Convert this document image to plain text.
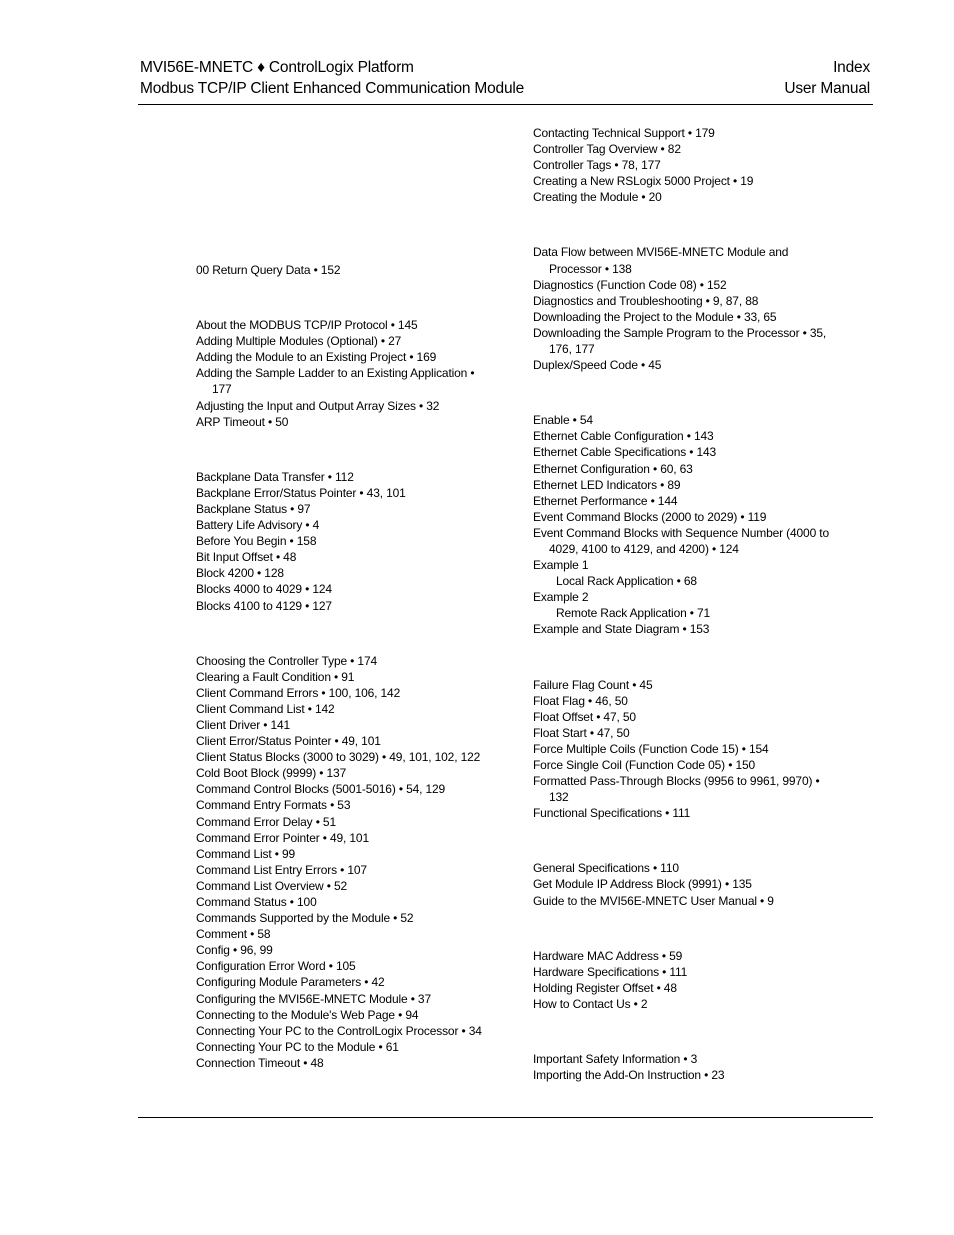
MVI56E-MNETC ♦ ControlLogix Platform
Modbus TCP/IP Client Enhanced Communication Module
Index
User Manual
00 Return Query Data • 152
About the MODBUS TCP/IP Protocol • 145
Adding Multiple Modules (Optional) • 27
Adding the Module to an Existing Project • 169
Adding the Sample Ladder to an Existing Application • 177
Adjusting the Input and Output Array Sizes • 32
ARP Timeout • 50
Backplane Data Transfer • 112
Backplane Error/Status Pointer • 43, 101
Backplane Status • 97
Battery Life Advisory • 4
Before You Begin • 158
Bit Input Offset • 48
Block 4200 • 128
Blocks 4000 to 4029 • 124
Blocks 4100 to 4129 • 127
Choosing the Controller Type • 174
Clearing a Fault Condition • 91
Client Command Errors • 100, 106, 142
Client Command List • 142
Client Driver • 141
Client Error/Status Pointer • 49, 101
Client Status Blocks (3000 to 3029) • 49, 101, 102, 122
Cold Boot Block (9999) • 137
Command Control Blocks (5001-5016) • 54, 129
Command Entry Formats • 53
Command Error Delay • 51
Command Error Pointer • 49, 101
Command List • 99
Command List Entry Errors • 107
Command List Overview • 52
Command Status • 100
Commands Supported by the Module • 52
Comment • 58
Config • 96, 99
Configuration Error Word • 105
Configuring Module Parameters • 42
Configuring the MVI56E-MNETC Module • 37
Connecting to the Module's Web Page • 94
Connecting Your PC to the ControlLogix Processor • 34
Connecting Your PC to the Module • 61
Connection Timeout • 48
Contacting Technical Support • 179
Controller Tag Overview • 82
Controller Tags • 78, 177
Creating a New RSLogix 5000 Project • 19
Creating the Module • 20
Data Flow between MVI56E-MNETC Module and Processor • 138
Diagnostics (Function Code 08) • 152
Diagnostics and Troubleshooting • 9, 87, 88
Downloading the Project to the Module • 33, 65
Downloading the Sample Program to the Processor • 35, 176, 177
Duplex/Speed Code • 45
Enable • 54
Ethernet Cable Configuration • 143
Ethernet Cable Specifications • 143
Ethernet Configuration • 60, 63
Ethernet LED Indicators • 89
Ethernet Performance • 144
Event Command Blocks (2000 to 2029) • 119
Event Command Blocks with Sequence Number (4000 to 4029, 4100 to 4129, and 4200) • 124
Example 1
Local Rack Application • 68
Example 2
Remote Rack Application • 71
Example and State Diagram • 153
Failure Flag Count • 45
Float Flag • 46, 50
Float Offset • 47, 50
Float Start • 47, 50
Force Multiple Coils (Function Code 15) • 154
Force Single Coil (Function Code 05) • 150
Formatted Pass-Through Blocks (9956 to 9961, 9970) • 132
Functional Specifications • 111
General Specifications • 110
Get Module IP Address Block (9991) • 135
Guide to the MVI56E-MNETC User Manual • 9
Hardware MAC Address • 59
Hardware Specifications • 111
Holding Register Offset • 48
How to Contact Us • 2
Important Safety Information • 3
Importing the Add-On Instruction • 23
